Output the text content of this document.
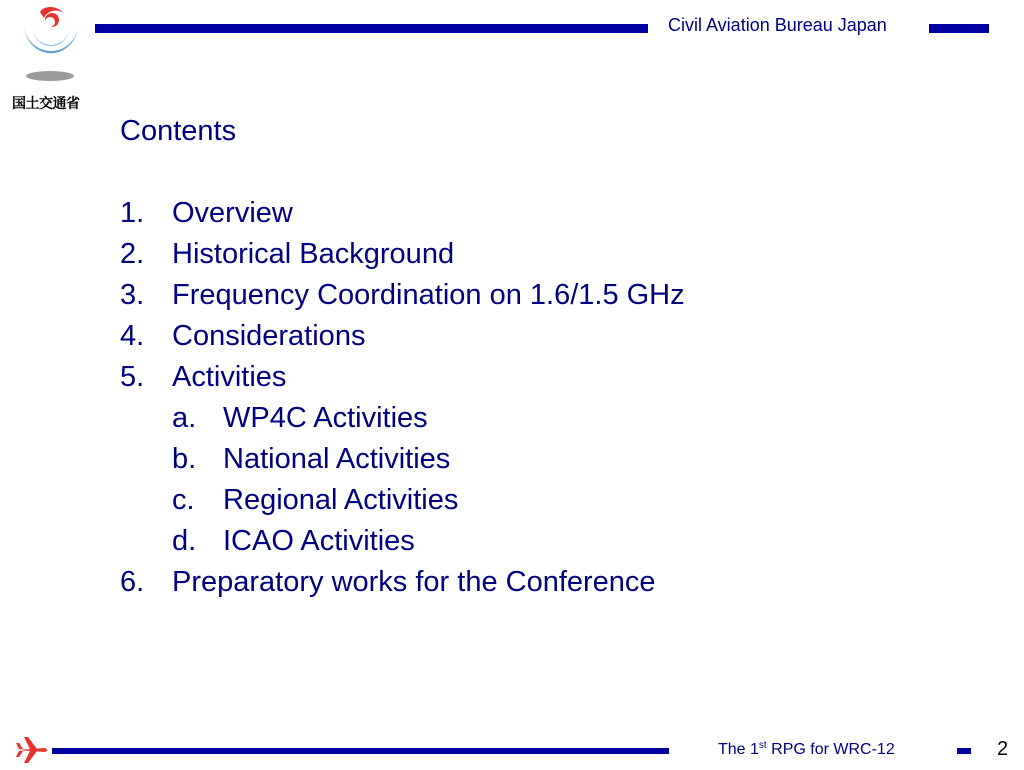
国土交通省
Civil Aviation Bureau Japan
Contents
1. Overview
2. Historical Background
3. Frequency Coordination on 1.6/1.5 GHz
4. Considerations
5. Activities
a. WP4C Activities
b. National Activities
c. Regional Activities
d. ICAO Activities
6. Preparatory works for the Conference
The 1st RPG for WRC-12	2
